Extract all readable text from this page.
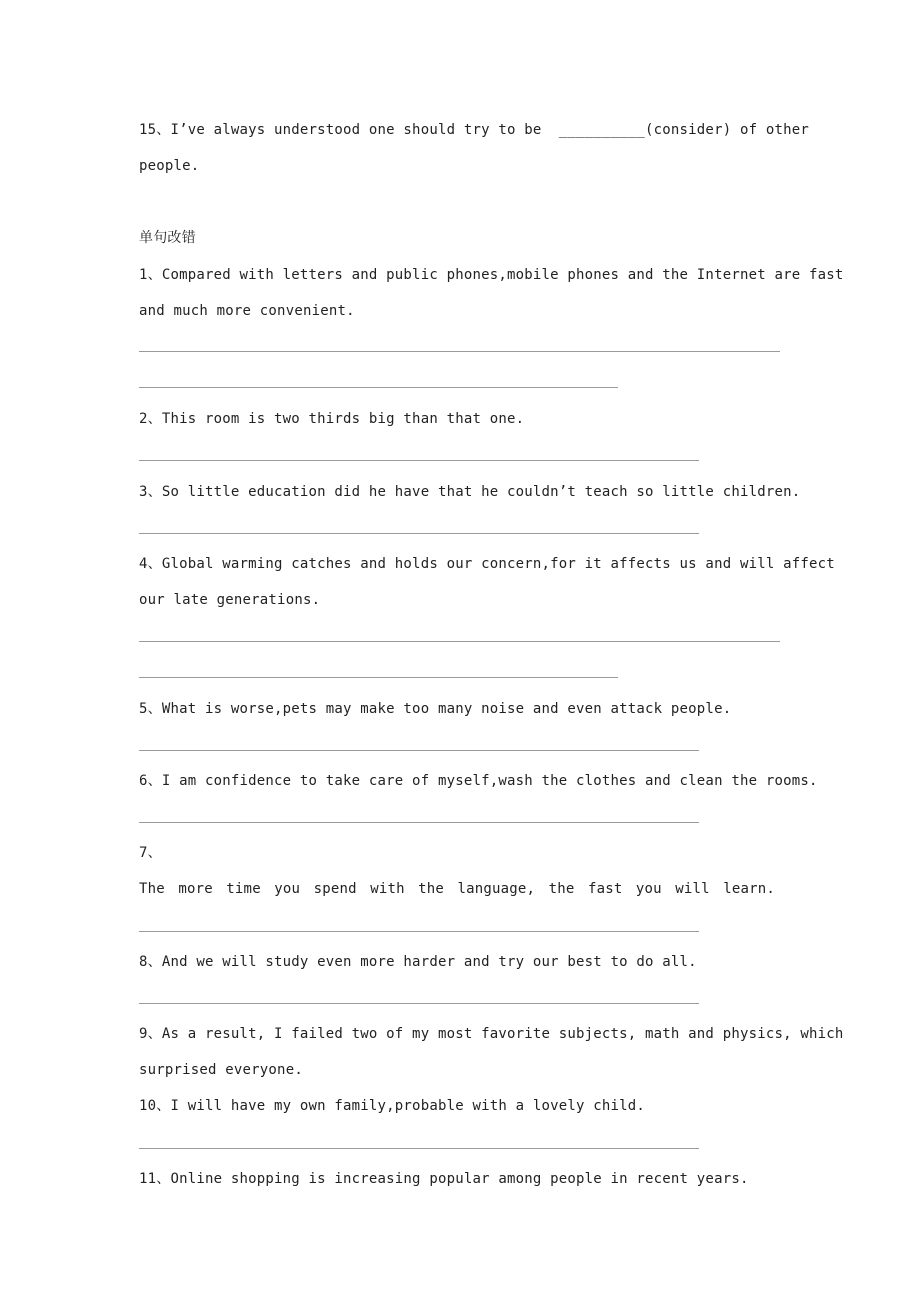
15、I’ve always understood one should try to be  __________(consider) of other
people.
单句改错
1、Compared with letters and public phones,mobile phones and the Internet are fast
and much more convenient.
2、This room is two thirds big than that one.
3、So little education did he have that he couldn’t teach so little children.
4、Global warming catches and holds our concern,for it affects us and will affect
our late generations.
5、What is worse,pets may make too many noise and even attack people.
6、I am confidence to take care of myself,wash the clothes and clean the rooms.
7、
The more time you spend with the language, the fast you will learn.
8、And we will study even more harder and try our best to do all.
9、As a result, I failed two of my most favorite subjects, math and physics, which
surprised everyone.
10、I will have my own family,probable with a lovely child.
11、Online shopping is increasing popular among people in recent years.
